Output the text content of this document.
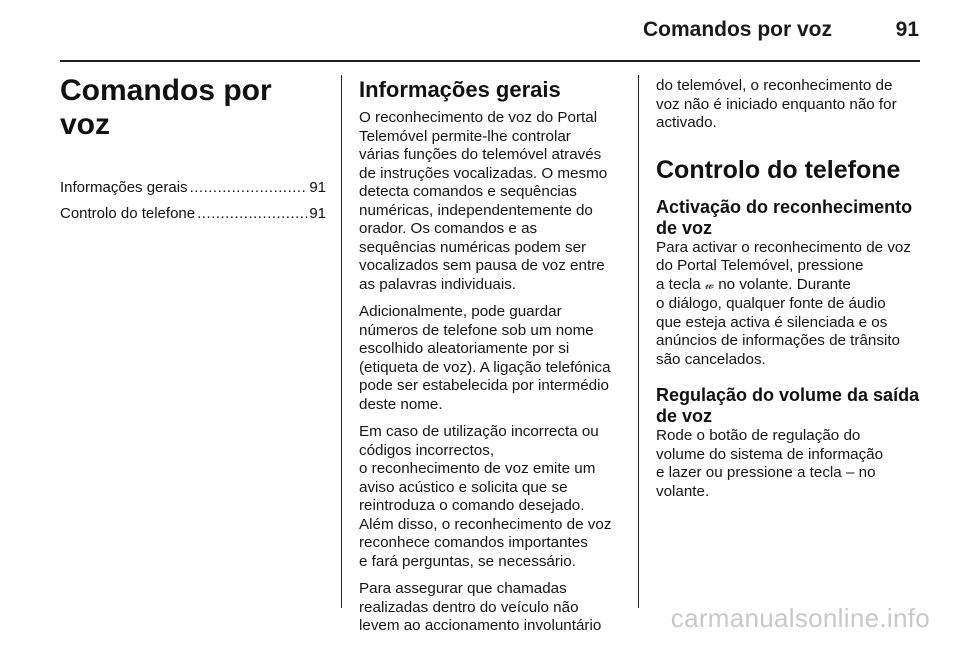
Comandos por voz	91
Comandos por voz
Informações gerais .....	91
Controlo do telefone .....	91
Informações gerais

O reconhecimento de voz do Portal
Telemóvel permite-lhe controlar
várias funções do telemóvel através
de instruções vocalizadas. O mesmo
detecta comandos e sequências
numéricas, independentemente do
orador. Os comandos e as
sequências numéricas podem ser
vocalizados sem pausa de voz entre
as palavras individuais.

Adicionalmente, pode guardar
números de telefone sob um nome
escolhido aleatoriamente por si
(etiqueta de voz). A ligação telefónica
pode ser estabelecida por intermédio
deste nome.

Em caso de utilização incorrecta ou
códigos incorrectos,
o reconhecimento de voz emite um
aviso acústico e solicita que se
reintroduza o comando desejado.
Além disso, o reconhecimento de voz
reconhece comandos importantes
e fará perguntas, se necessário.

Para assegurar que chamadas
realizadas dentro do veículo não
levem ao accionamento involuntário

do telemóvel, o reconhecimento de
voz não é iniciado enquanto não for
activado.

Controlo do telefone
Activação do reconhecimento
de voz

Para activar o reconhecimento de voz
do Portal Telemóvel, pressione
a tecla 𝓌 no volante. Durante
o diálogo, qualquer fonte de áudio
que esteja activa é silenciada e os
anúncios de informações de trânsito
são cancelados.

Regulação do volume da saída
de voz

Rode o botão de regulação do
volume do sistema de informação
e lazer ou pressione a tecla – no
volante.

carmanualsonline.info
